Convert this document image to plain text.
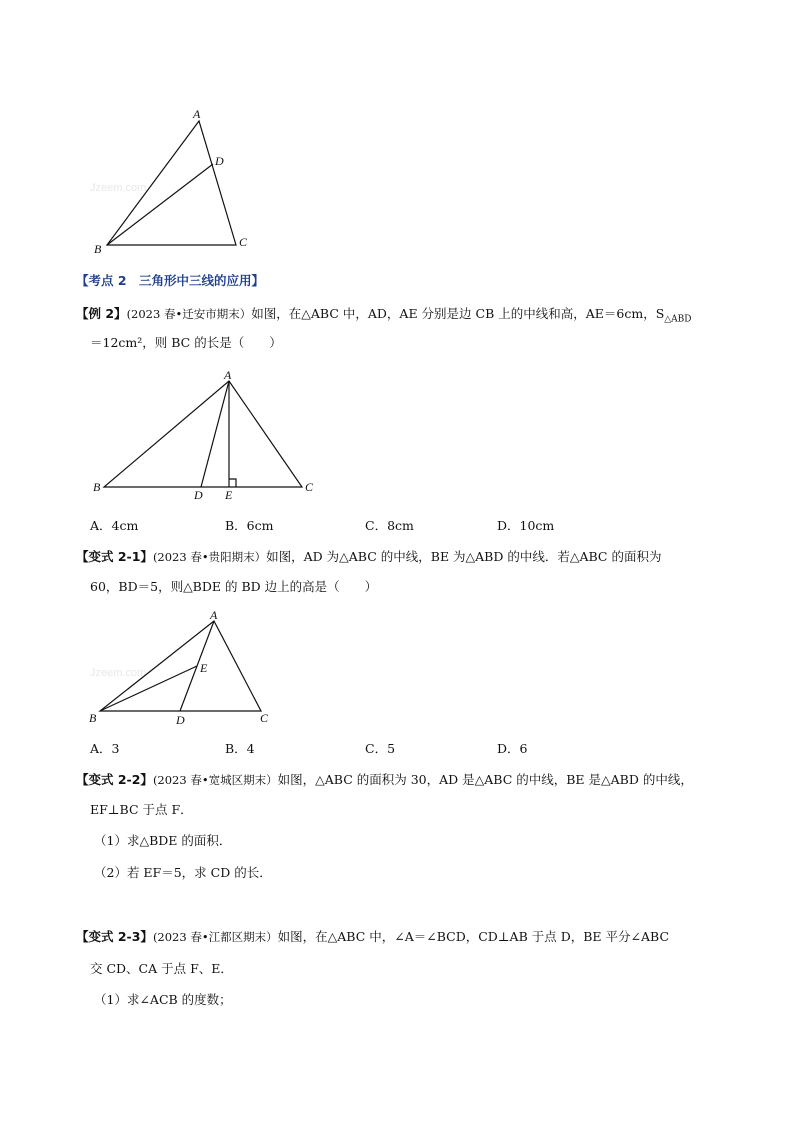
Jzeem.com
A
D
B	C
【考点 2　三角形中三线的应用】
【例 2】(2023 春•迁安市期末）如图，在△ABC 中，AD，AE 分别是边 CB 上的中线和高，AE＝6cm，$S_{\triangle ABD}$
＝12cm²，则 BC 的长是（　　）
A
B	C
D E
A．4cm	B．6cm	C．8cm	D．10cm
【变式 2-1】(2023 春•贵阳期末）如图，AD 为△ABC 的中线，BE 为△ABD 的中线．若△ABC 的面积为
60，BD＝5，则△BDE 的 BD 边上的高是（　　）
Jzeem.com
A
E
B	D	C
A．3	B．4	C．5	D．6
【变式 2-2】(2023 春•宽城区期末）如图，△ABC 的面积为 30，AD 是△ABC 的中线，BE 是△ABD 的中线，
EF⊥BC 于点 F．
（1）求△BDE 的面积．
（2）若 EF＝5，求 CD 的长．
【变式 2-3】(2023 春•江都区期末）如图，在△ABC 中，∠A＝∠BCD，CD⊥AB 于点 D，BE 平分∠ABC
交 CD、CA 于点 F、E．
（1）求∠ACB 的度数；
